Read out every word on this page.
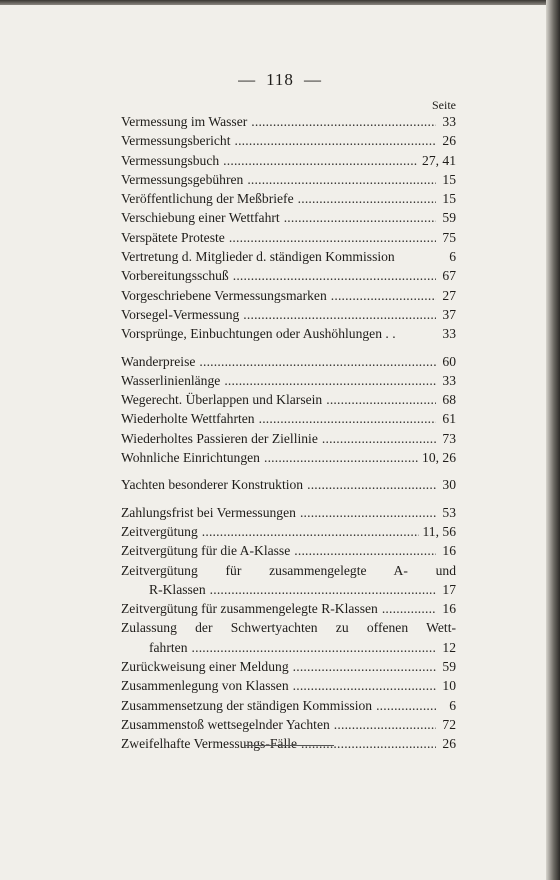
— 118 —
Seite
Vermessung im Wasser . . .	33
Vermessungsbericht . . .	26
Vermessungsbuch . . .	27, 41
Vermessungsgebühren . . .	15
Veröffentlichung der Meßbriefe . . .	15
Verschiebung einer Wettfahrt . . .	59
Verspätete Proteste . . .	75
Vertretung d. Mitglieder d. ständigen Kommission	6
Vorbereitungsschuß . . .	67
Vorgeschriebene Vermessungsmarken . . .	27
Vorsegel-Vermessung . . .	37
Vorsprünge, Einbuchtungen oder Aushöhlungen . .	33
Wanderpreise . . .	60
Wasserlinienlänge . . .	33
Wegerecht. Überlappen und Klarsein . . .	68
Wiederholte Wettfahrten . . .	61
Wiederholtes Passieren der Ziellinie . . .	73
Wohnliche Einrichtungen . . .	10, 26
Yachten besonderer Konstruktion . . .	30
Zahlungsfrist bei Vermessungen . . .	53
Zeitvergütung . . .	11, 56
Zeitvergütung für die A-Klasse . . .	16
Zeitvergütung für zusammengelegte A- und
R-Klassen . . .	17
Zeitvergütung für zusammengelegte R-Klassen . . .	16
Zulassung der Schwertyachten zu offenen Wett-
fahrten . . .	12
Zurückweisung einer Meldung . . .	59
Zusammenlegung von Klassen . . .	10
Zusammensetzung der ständigen Kommission . . .	6
Zusammenstoß wettsegelnder Yachten . . .	72
Zweifelhafte Vermessungs-Fälle . . .	26
